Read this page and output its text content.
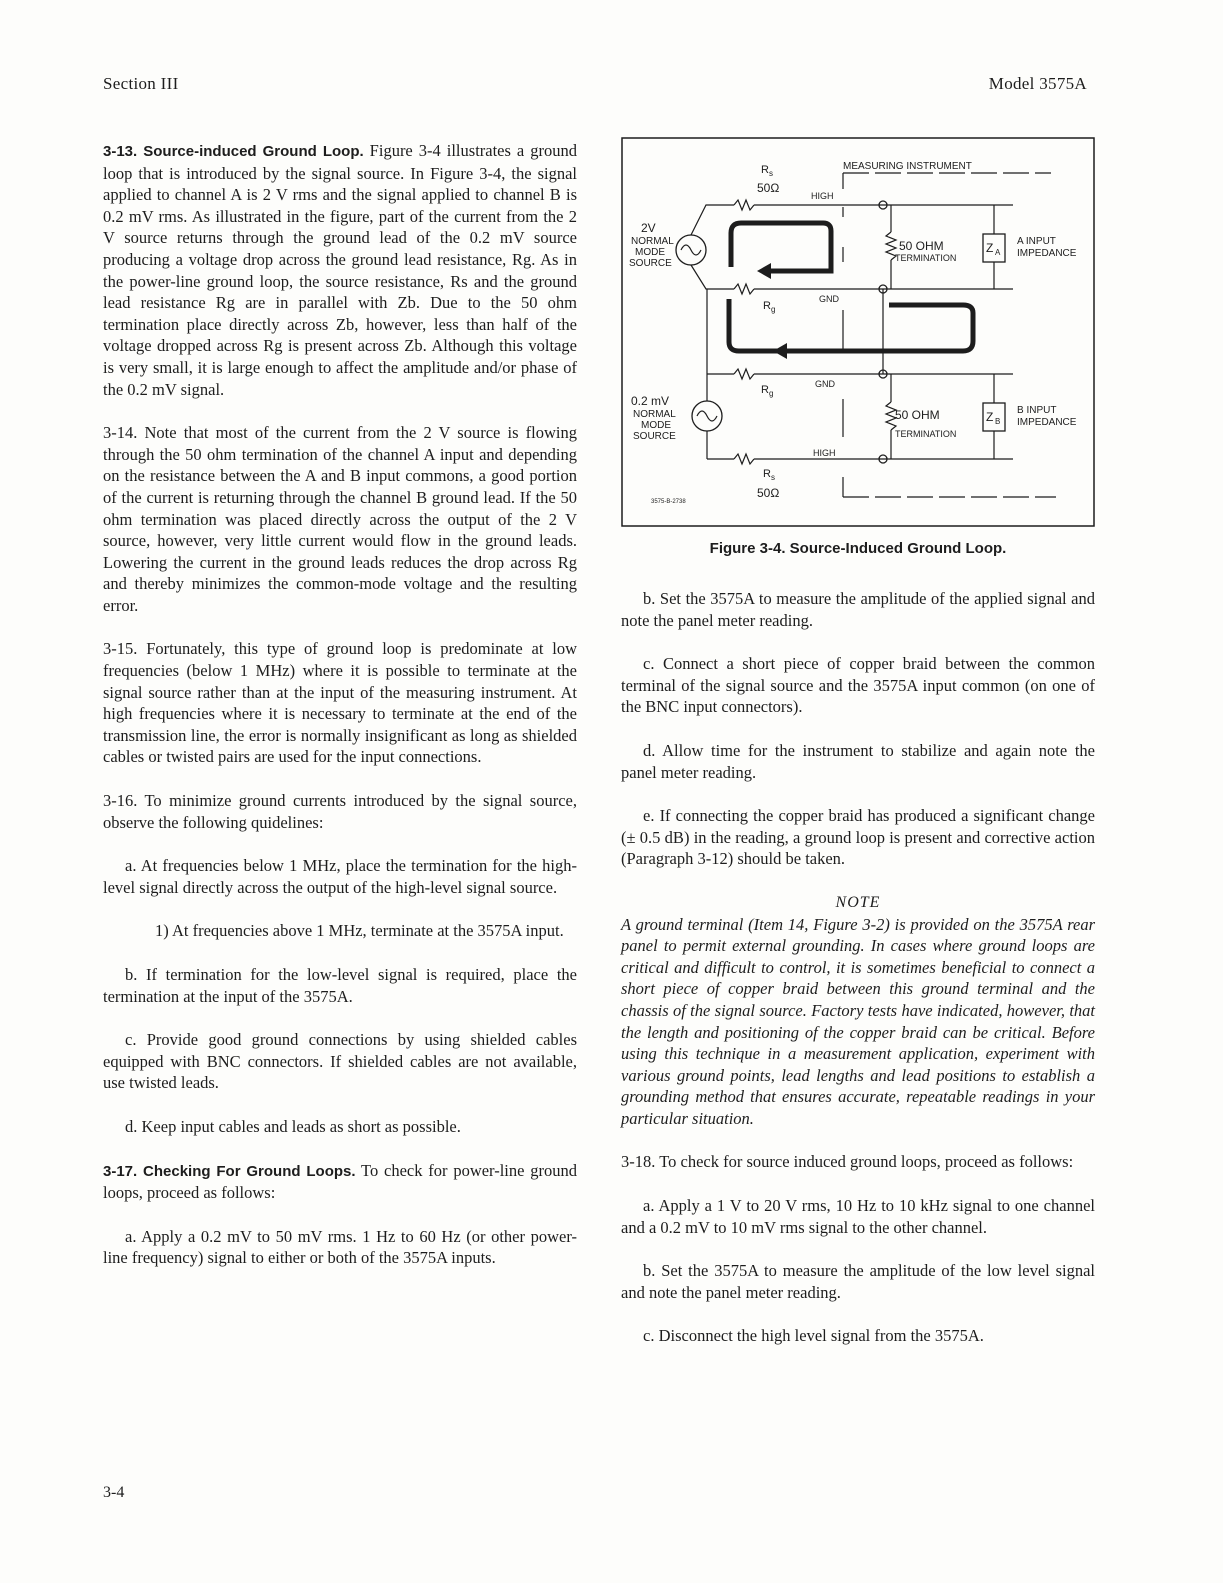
Section III	Model 3575A

3-13. Source-induced Ground Loop. Figure 3-4 illustrates a ground loop that is introduced by the signal source. In Figure 3-4, the signal applied to channel A is 2 V rms and the signal applied to channel B is 0.2 mV rms. As illustrated in the figure, part of the current from the 2 V source returns through the ground lead of the 0.2 mV source producing a voltage drop across the ground lead resistance, Rg. As in the power-line ground loop, the source resistance, Rs and the ground lead resistance Rg are in parallel with Zb. Due to the 50 ohm termination place directly across Zb, however, less than half of the voltage dropped across Rg is present across Zb. Although this voltage is very small, it is large enough to affect the amplitude and/or phase of the 0.2 mV signal.

3-14. Note that most of the current from the 2 V source is flowing through the 50 ohm termination of the channel A input and depending on the resistance between the A and B input commons, a good portion of the current is returning through the channel B ground lead. If the 50 ohm termination was placed directly across the output of the 2 V source, however, very little current would flow in the ground leads. Lowering the current in the ground leads reduces the drop across Rg and thereby minimizes the common-mode voltage and the resulting error.

3-15. Fortunately, this type of ground loop is predominate at low frequencies (below 1 MHz) where it is possible to terminate at the signal source rather than at the input of the measuring instrument. At high frequencies where it is necessary to terminate at the end of the transmission line, the error is normally insignificant as long as shielded cables or twisted pairs are used for the input connections.

3-16. To minimize ground currents introduced by the signal source, observe the following quidelines:

a. At frequencies below 1 MHz, place the termination for the high-level signal directly across the output of the high-level signal source.

1) At frequencies above 1 MHz, terminate at the 3575A input.

b. If termination for the low-level signal is required, place the termination at the input of the 3575A.

c. Provide good ground connections by using shielded cables equipped with BNC connectors. If shielded cables are not available, use twisted leads.

d. Keep input cables and leads as short as possible.

3-17. Checking For Ground Loops. To check for power-line ground loops, proceed as follows:

a. Apply a 0.2 mV to 50 mV rms. 1 Hz to 60 Hz (or other power-line frequency) signal to either or both of the 3575A inputs.

MEASURING INSTRUMENT
2V
NORMAL
MODE
SOURCE
0.2 mV
NORMAL
MODE
SOURCE
50 OHM
TERMINATION
50 OHM
TERMINATION
Z A
Z B
A INPUT
IMPEDANCE
B INPUT
IMPEDANCE
R s
50Ω
HIGH
R g
GND
R g
GND
HIGH
R s
50Ω
3575-B-2738
Figure 3-4. Source-Induced Ground Loop.

b. Set the 3575A to measure the amplitude of the applied signal and note the panel meter reading.

c. Connect a short piece of copper braid between the common terminal of the signal source and the 3575A input common (on one of the BNC input connectors).

d. Allow time for the instrument to stabilize and again note the panel meter reading.

e. If connecting the copper braid has produced a significant change (± 0.5 dB) in the reading, a ground loop is present and corrective action (Paragraph 3-12) should be taken.

NOTE

A ground terminal (Item 14, Figure 3-2) is provided on the 3575A rear panel to permit external grounding. In cases where ground loops are critical and difficult to control, it is sometimes beneficial to connect a short piece of copper braid between this ground terminal and the chassis of the signal source. Factory tests have indicated, however, that the length and positioning of the copper braid can be critical. Before using this technique in a measurement application, experiment with various ground points, lead lengths and lead positions to establish a grounding method that ensures accurate, repeatable readings in your particular situation.

3-18. To check for source induced ground loops, proceed as follows:

a. Apply a 1 V to 20 V rms, 10 Hz to 10 kHz signal to one channel and a 0.2 mV to 10 mV rms signal to the other channel.

b. Set the 3575A to measure the amplitude of the low level signal and note the panel meter reading.

c. Disconnect the high level signal from the 3575A.

3-4
